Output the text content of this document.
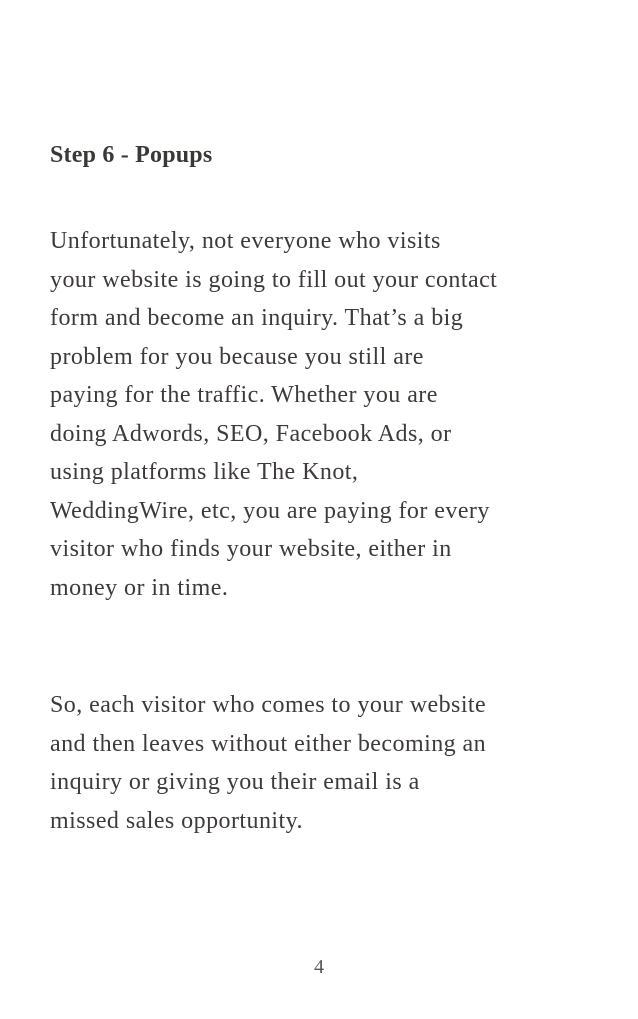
Step 6 - Popups

Unfortunately, not everyone who visits
your website is going to fill out your contact
form and become an inquiry. That’s a big
problem for you because you still are
paying for the traffic. Whether you are
doing Adwords, SEO, Facebook Ads, or
using platforms like The Knot,
WeddingWire, etc, you are paying for every
visitor who finds your website, either in
money or in time.

So, each visitor who comes to your website
and then leaves without either becoming an
inquiry or giving you their email is a
missed sales opportunity.

4
